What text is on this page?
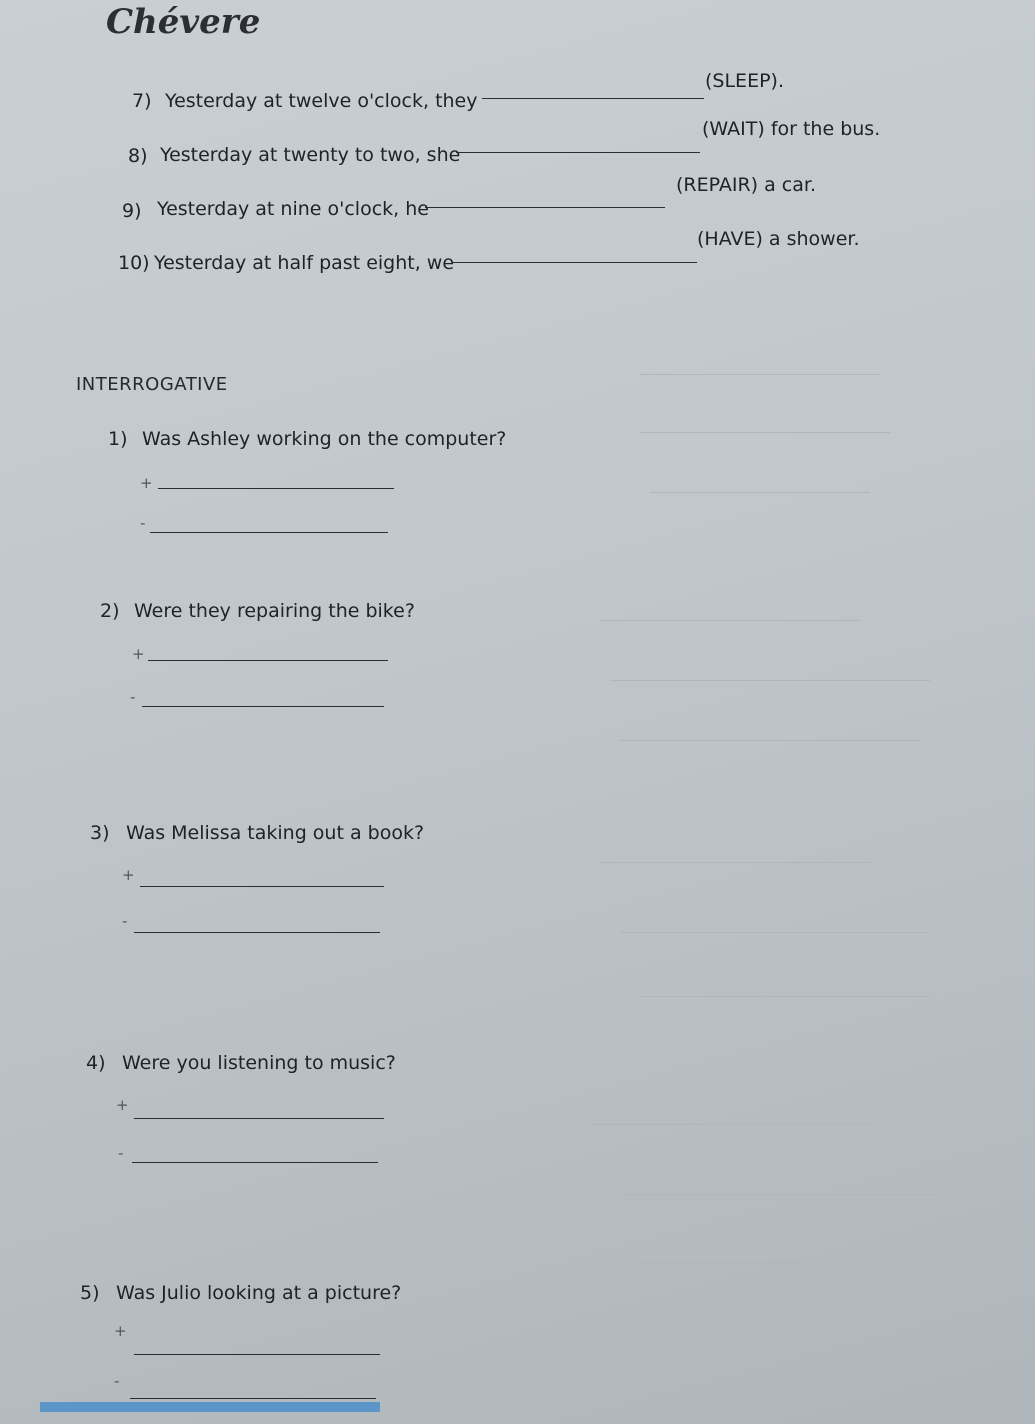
Chévere
7) Yesterday at twelve o'clock, they
(SLEEP).
8) Yesterday at twenty to two, she
(WAIT) for the bus.
9) Yesterday at nine o'clock, he
(REPAIR) a car.
10) Yesterday at half past eight, we
(HAVE) a shower.
INTERROGATIVE
1) Was Ashley working on the computer?
+
-
2) Were they repairing the bike?
+
-
3) Was Melissa taking out a book?
+
-
4) Were you listening to music?
+
-
5) Was Julio looking at a picture?
+
-
